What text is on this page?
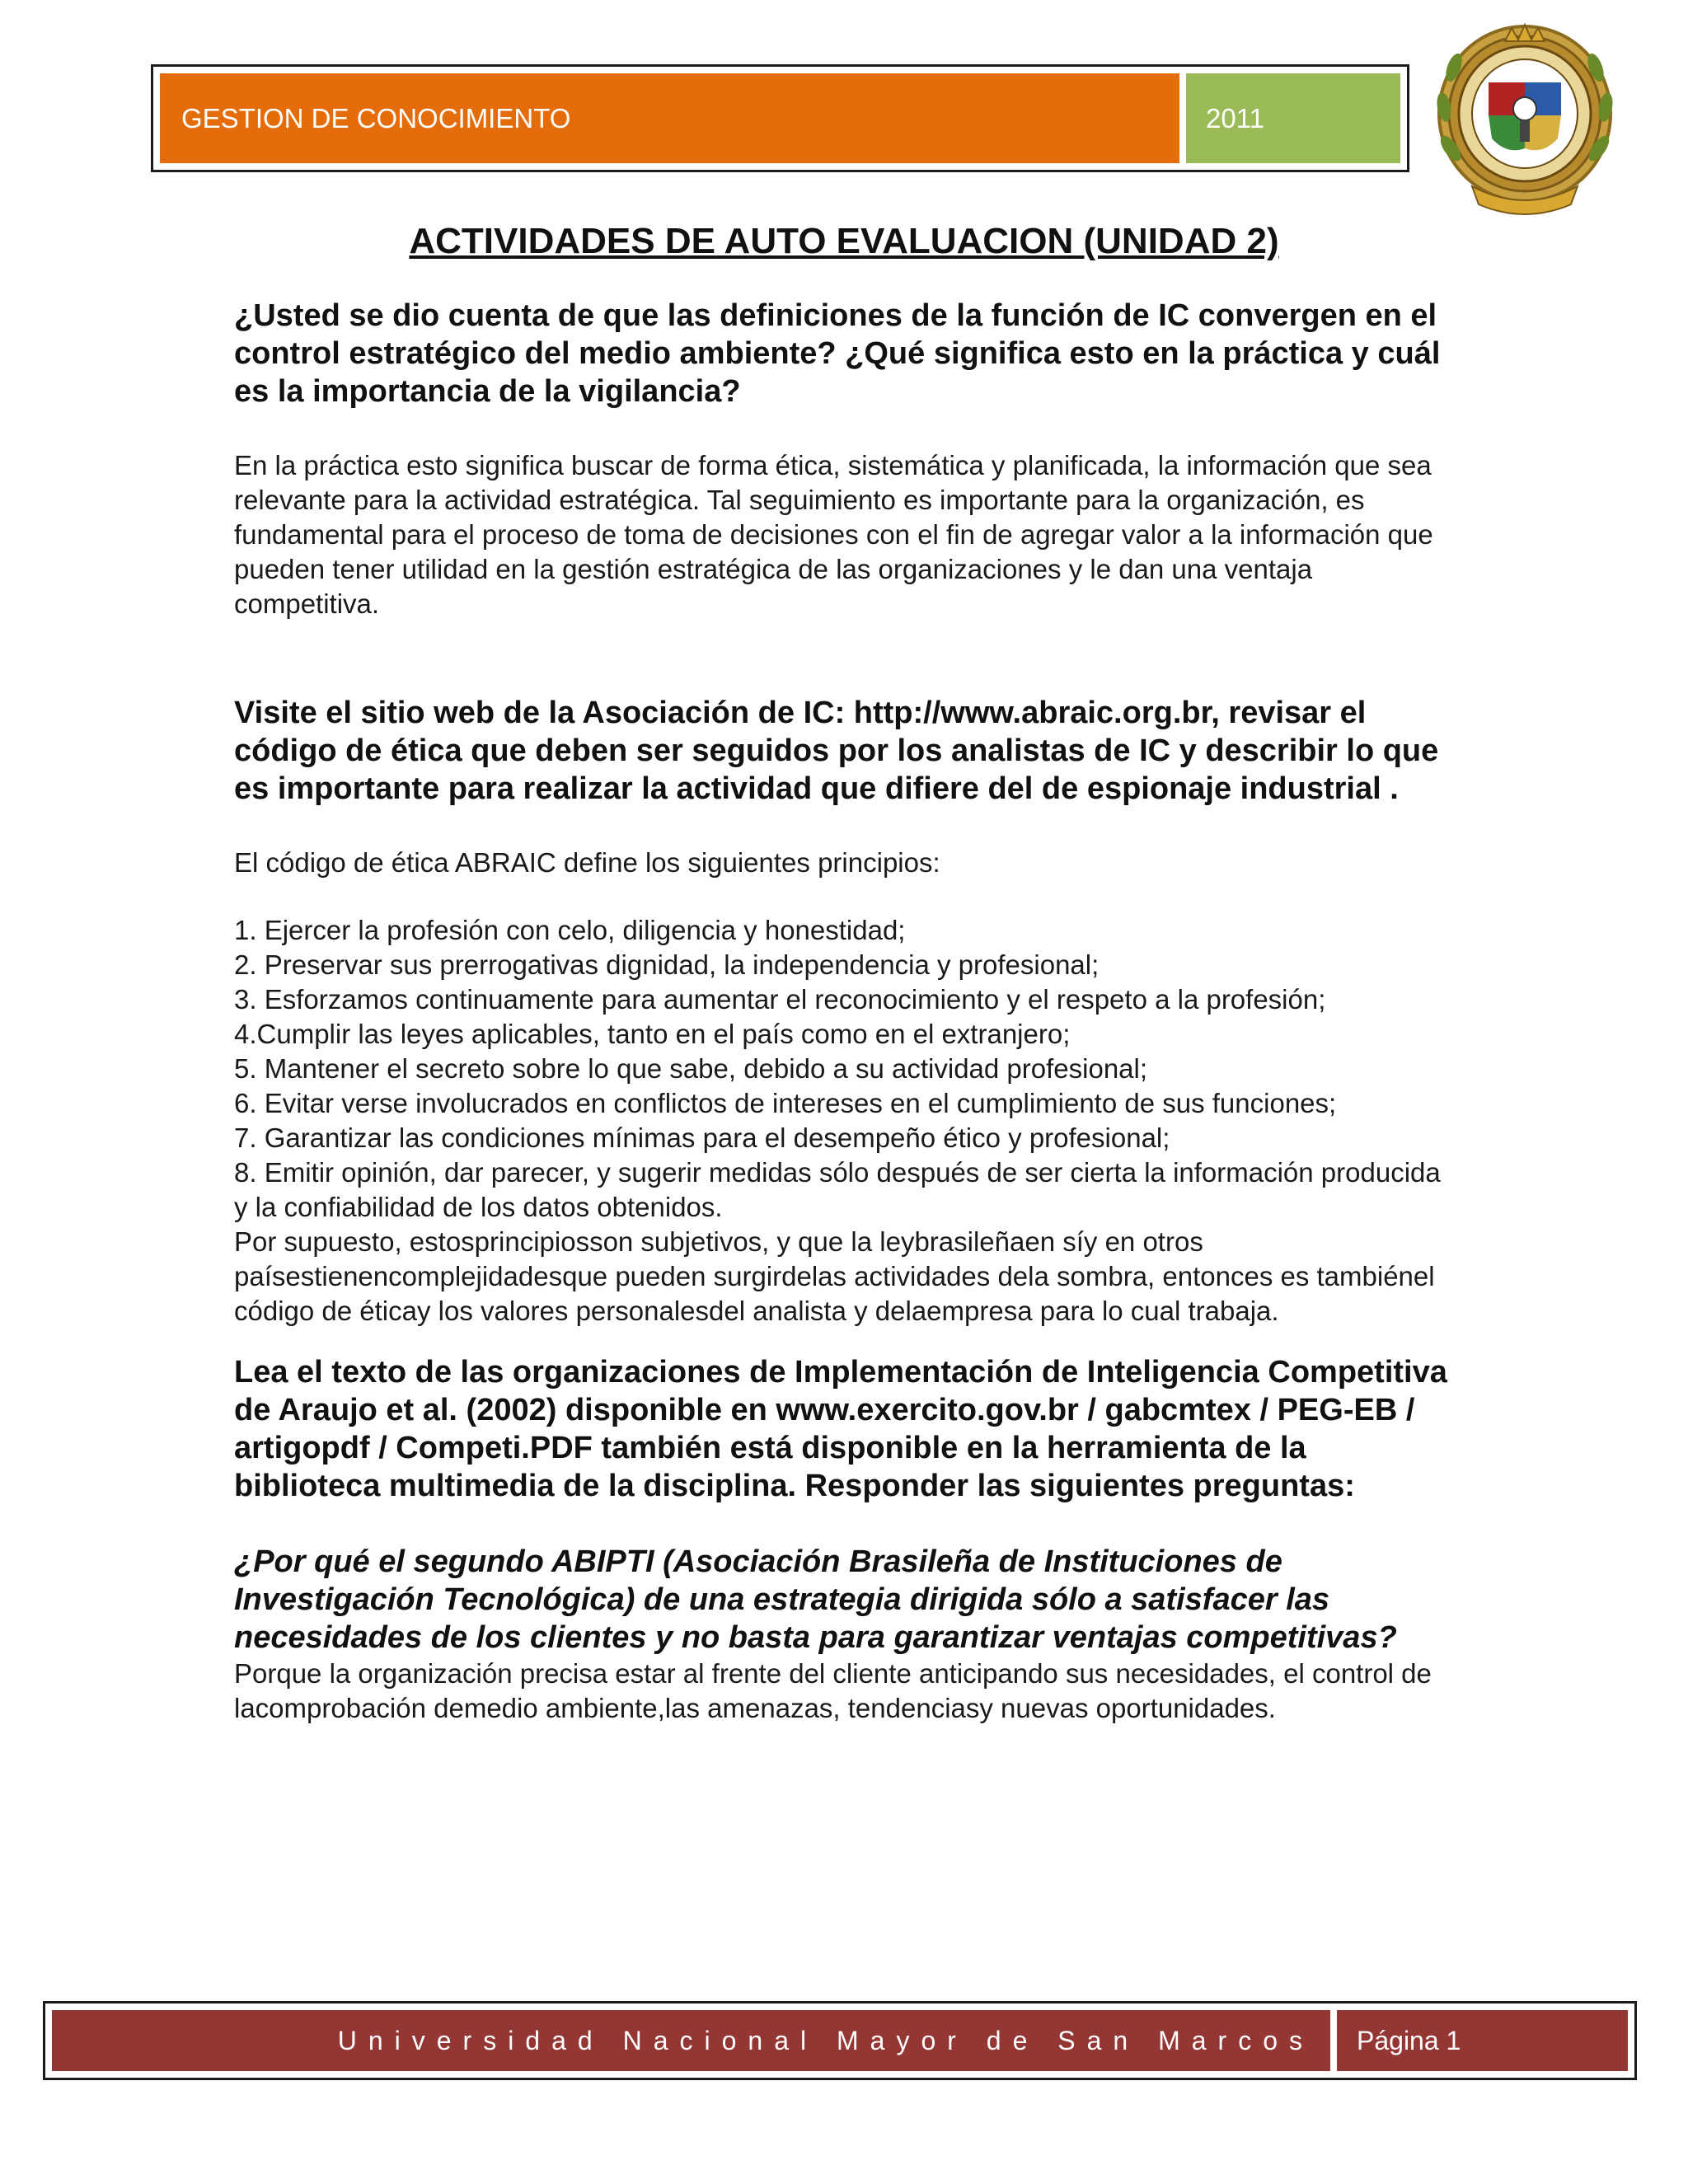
GESTION DE CONOCIMIENTO	2011
ACTIVIDADES DE AUTO EVALUACION (UNIDAD 2)

¿Usted se dio cuenta de que las definiciones de la función de IC convergen en el control estratégico del medio ambiente? ¿Qué significa esto en la práctica y cuál es la importancia de la vigilancia?

En la práctica esto significa buscar de forma ética, sistemática y planificada, la información que sea relevante para la actividad estratégica. Tal seguimiento es importante para la organización, es fundamental para el proceso de toma de decisiones con el fin de agregar valor a la información que pueden tener utilidad en la gestión estratégica de las organizaciones y le dan una ventaja competitiva.

Visite el sitio web de la Asociación de IC: http://www.abraic.org.br, revisar el código de ética que deben ser seguidos por los analistas de IC y describir lo que es importante para realizar la actividad que difiere del de espionaje industrial .

El código de ética ABRAIC define los siguientes principios:

1. Ejercer la profesión con celo, diligencia y honestidad;

2. Preservar sus prerrogativas dignidad, la independencia y profesional;

3. Esforzamos continuamente para aumentar el reconocimiento y el respeto a la profesión;

4.Cumplir las leyes aplicables, tanto en el país como en el extranjero;

5. Mantener el secreto sobre lo que sabe, debido a su actividad profesional;

6. Evitar verse involucrados en conflictos de intereses en el cumplimiento de sus funciones;

7. Garantizar las condiciones mínimas para el desempeño ético y profesional;

8. Emitir opinión, dar parecer, y sugerir medidas sólo después de ser cierta la información producida y la confiabilidad de los datos obtenidos.

Por supuesto, estosprincipiosson subjetivos, y que la leybrasileñaen síy en otros paísestienencomplejidadesque pueden surgirdelas actividades dela sombra, entonces es tambiénel código de éticay los valores personalesdel analista y delaempresa para lo cual trabaja.

Lea el texto de las organizaciones de Implementación de Inteligencia Competitiva de Araujo et al. (2002) disponible en www.exercito.gov.br / gabcmtex / PEG-EB / artigopdf / Competi.PDF también está disponible en la herramienta de la biblioteca multimedia de la disciplina. Responder las siguientes preguntas:

¿Por qué el segundo ABIPTI (Asociación Brasileña de Instituciones de Investigación Tecnológica) de una estrategia dirigida sólo a satisfacer las necesidades de los clientes y no basta para garantizar ventajas competitivas?

Porque la organización precisa estar al frente del cliente anticipando sus necesidades, el control de lacomprobación demedio ambiente,las amenazas, tendenciasy nuevas oportunidades.

Universidad Nacional Mayor de San Marcos	Página 1
